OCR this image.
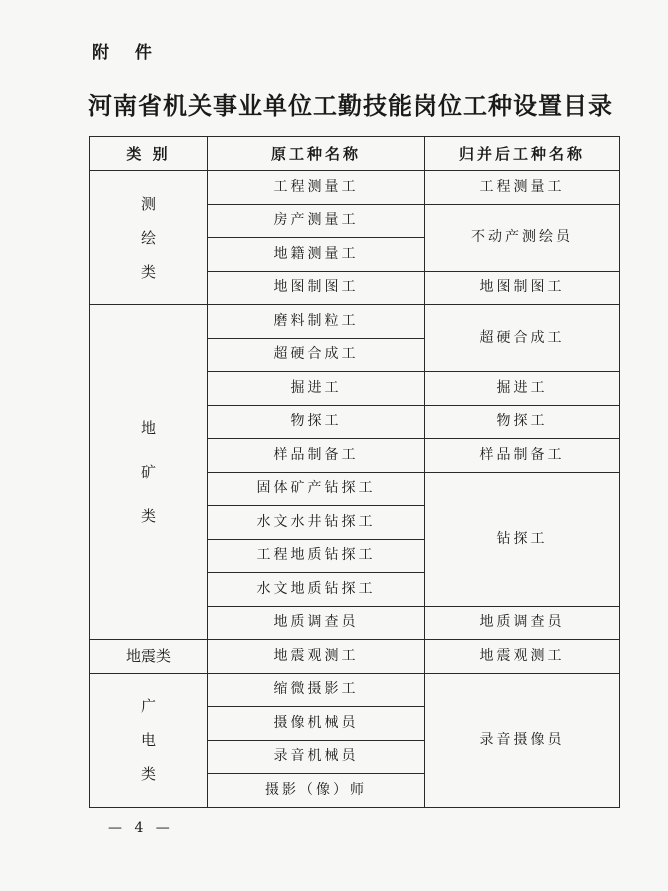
附 件
河南省机关事业单位工勤技能岗位工种设置目录
类 别	原工种名称	归并后工种名称

测
绘
类	工程测量工	工程测量工
	房产测量工	不动产测绘员
	地籍测量工	
	地图制图工	地图制图工

地
矿
类	磨料制粒工	超硬合成工
	超硬合成工	
	掘进工	掘进工
	物探工	物探工
	样品制备工	样品制备工
	固体矿产钻探工	钻探工
	水文水井钻探工	
	工程地质钻探工	
	水文地质钻探工	
	地质调查员	地质调查员
地震类	地震观测工	地震观测工

广
电
类	缩微摄影工	录音摄像员
	摄像机械员	
	录音机械员	
	摄影（像）师	
— 4 —
